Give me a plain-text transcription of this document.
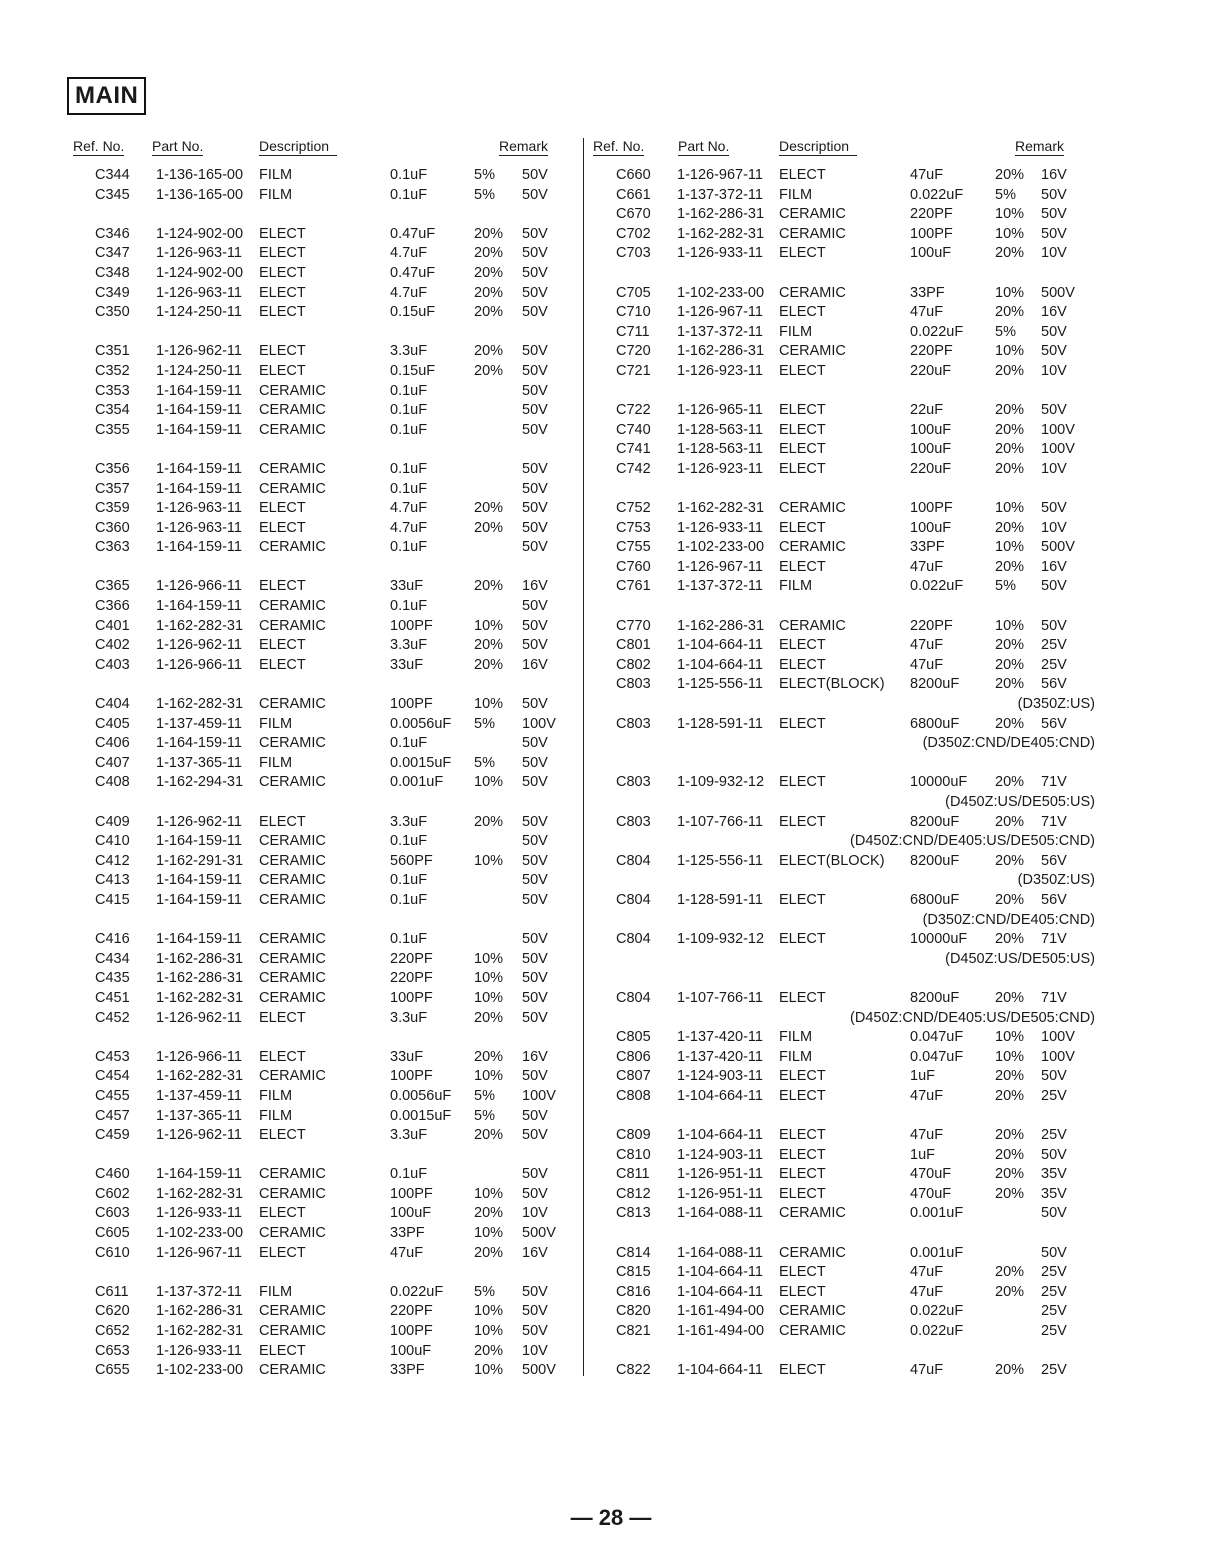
MAIN
Ref. No. Part No.	Description	Remark
C344 1-136-165-00 FILM	0.1uF	5% 50V
C345 1-136-165-00 FILM	0.1uF	5% 50V
C346 1-124-902-00 ELECT	0.47uF	20% 50V
C347 1-126-963-11 ELECT	4.7uF	20% 50V
C348 1-124-902-00 ELECT	0.47uF	20% 50V
C349 1-126-963-11 ELECT	4.7uF	20% 50V
C350 1-124-250-11 ELECT	0.15uF	20% 50V
C351 1-126-962-11 ELECT	3.3uF	20% 50V
C352 1-124-250-11 ELECT	0.15uF	20% 50V
C353 1-164-159-11 CERAMIC	0.1uF	50V
C354 1-164-159-11 CERAMIC	0.1uF	50V
C355 1-164-159-11 CERAMIC	0.1uF	50V
C356 1-164-159-11 CERAMIC	0.1uF	50V
C357 1-164-159-11 CERAMIC	0.1uF	50V
C359 1-126-963-11 ELECT	4.7uF	20% 50V
C360 1-126-963-11 ELECT	4.7uF	20% 50V
C363 1-164-159-11 CERAMIC	0.1uF	50V
C365 1-126-966-11 ELECT	33uF	20% 16V
C366 1-164-159-11 CERAMIC	0.1uF	50V
C401 1-162-282-31 CERAMIC	100PF	10% 50V
C402 1-126-962-11 ELECT	3.3uF	20% 50V
C403 1-126-966-11 ELECT	33uF	20% 16V
C404 1-162-282-31 CERAMIC	100PF	10% 50V
C405 1-137-459-11 FILM	0.0056uF 5% 100V
C406 1-164-159-11 CERAMIC	0.1uF	50V
C407 1-137-365-11 FILM	0.0015uF 5% 50V
C408 1-162-294-31 CERAMIC	0.001uF 10% 50V
C409 1-126-962-11 ELECT	3.3uF	20% 50V
C410 1-164-159-11 CERAMIC	0.1uF	50V
C412 1-162-291-31 CERAMIC	560PF	10% 50V
C413 1-164-159-11 CERAMIC	0.1uF	50V
C415 1-164-159-11 CERAMIC	0.1uF	50V
C416 1-164-159-11 CERAMIC	0.1uF	50V
C434 1-162-286-31 CERAMIC	220PF	10% 50V
C435 1-162-286-31 CERAMIC	220PF	10% 50V
C451 1-162-282-31 CERAMIC	100PF	10% 50V
C452 1-126-962-11 ELECT	3.3uF	20% 50V
C453 1-126-966-11 ELECT	33uF	20% 16V
C454 1-162-282-31 CERAMIC	100PF	10% 50V
C455 1-137-459-11 FILM	0.0056uF 5% 100V
C457 1-137-365-11 FILM	0.0015uF 5% 50V
C459 1-126-962-11 ELECT	3.3uF	20% 50V
C460 1-164-159-11 CERAMIC	0.1uF	50V
C602 1-162-282-31 CERAMIC	100PF	10% 50V
C603 1-126-933-11 ELECT	100uF	20% 10V
C605 1-102-233-00 CERAMIC	33PF	10% 500V
C610 1-126-967-11 ELECT	47uF	20% 16V
C611 1-137-372-11 FILM	0.022uF 5% 50V
C620 1-162-286-31 CERAMIC	220PF	10% 50V
C652 1-162-282-31 CERAMIC	100PF	10% 50V
C653 1-126-933-11 ELECT	100uF	20% 10V
C655 1-102-233-00 CERAMIC	33PF	10% 500V
Ref. No. Part No.	Description	Remark
C660 1-126-967-11 ELECT	47uF	20% 16V
C661 1-137-372-11 FILM	0.022uF 5% 50V
C670 1-162-286-31 CERAMIC	220PF	10% 50V
C702 1-162-282-31 CERAMIC	100PF	10% 50V
C703 1-126-933-11 ELECT	100uF	20% 10V
C705 1-102-233-00 CERAMIC	33PF	10% 500V
C710 1-126-967-11 ELECT	47uF	20% 16V
C711 1-137-372-11 FILM	0.022uF 5% 50V
C720 1-162-286-31 CERAMIC	220PF	10% 50V
C721 1-126-923-11 ELECT	220uF	20% 10V
C722 1-126-965-11 ELECT	22uF	20% 50V
C740 1-128-563-11 ELECT	100uF	20% 100V
C741 1-128-563-11 ELECT	100uF	20% 100V
C742 1-126-923-11 ELECT	220uF	20% 10V
C752 1-162-282-31 CERAMIC	100PF	10% 50V
C753 1-126-933-11 ELECT	100uF	20% 10V
C755 1-102-233-00 CERAMIC	33PF	10% 500V
C760 1-126-967-11 ELECT	47uF	20% 16V
C761 1-137-372-11 FILM	0.022uF 5% 50V
C770 1-162-286-31 CERAMIC	220PF	10% 50V
C801 1-104-664-11 ELECT	47uF	20% 25V
C802 1-104-664-11 ELECT	47uF	20% 25V
C803 1-125-556-11 ELECT(BLOCK) 8200uF 20% 56V
(D350Z:US)
C803 1-128-591-11 ELECT	6800uF 20% 56V
(D350Z:CND/DE405:CND)
C803 1-109-932-12 ELECT	10000uF 20% 71V
(D450Z:US/DE505:US)
C803 1-107-766-11 ELECT	8200uF 20% 71V
(D450Z:CND/DE405:US/DE505:CND)
C804 1-125-556-11 ELECT(BLOCK) 8200uF 20% 56V
(D350Z:US)
C804 1-128-591-11 ELECT	6800uF 20% 56V
(D350Z:CND/DE405:CND)
C804 1-109-932-12 ELECT	10000uF 20% 71V
(D450Z:US/DE505:US)
C804 1-107-766-11 ELECT	8200uF 20% 71V
(D450Z:CND/DE405:US/DE505:CND)
C805 1-137-420-11 FILM	0.047uF 10% 100V
C806 1-137-420-11 FILM	0.047uF 10% 100V
C807 1-124-903-11 ELECT	1uF	20% 50V
C808 1-104-664-11 ELECT	47uF	20% 25V
C809 1-104-664-11 ELECT	47uF	20% 25V
C810 1-124-903-11 ELECT	1uF	20% 50V
C811 1-126-951-11 ELECT	470uF	20% 35V
C812 1-126-951-11 ELECT	470uF	20% 35V
C813 1-164-088-11 CERAMIC	0.001uF	50V
C814 1-164-088-11 CERAMIC	0.001uF	50V
C815 1-104-664-11 ELECT	47uF	20% 25V
C816 1-104-664-11 ELECT	47uF	20% 25V
C820 1-161-494-00 CERAMIC	0.022uF	25V
C821 1-161-494-00 CERAMIC	0.022uF	25V
C822 1-104-664-11 ELECT	47uF	20% 25V
— 28 —
